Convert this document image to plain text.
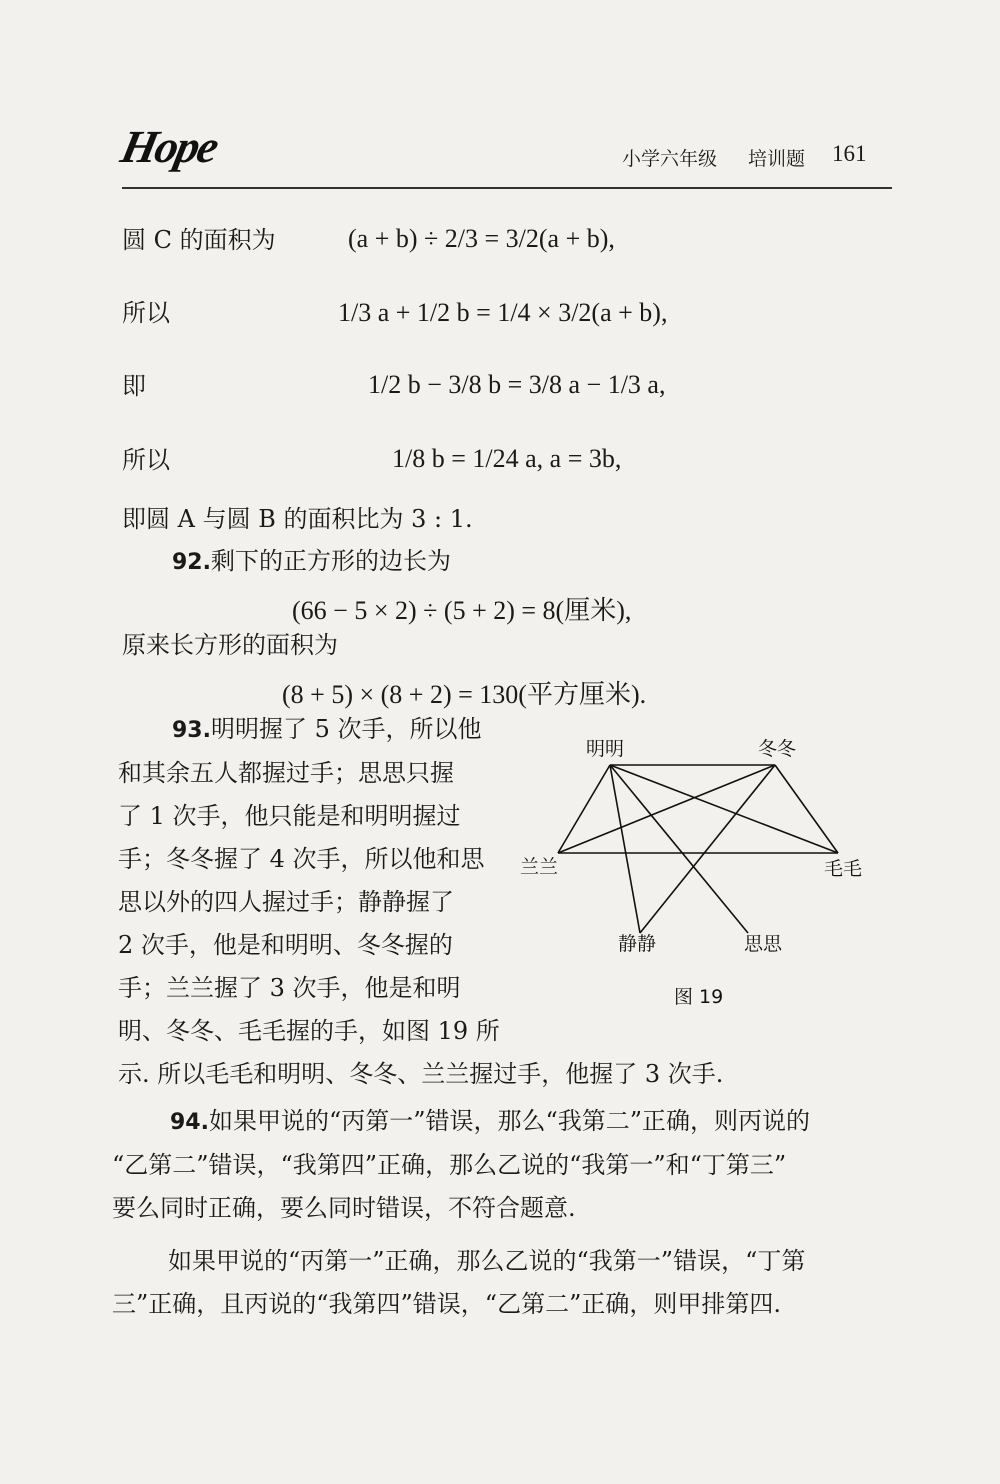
Hope	小学六年级 培训题 161
圆 C 的面积为	(a + b) ÷ 2/3 = 3/2(a + b),
所以	1/3 a + 1/2 b = 1/4 × 3/2(a + b),
即	1/2 b − 3/8 b = 3/8 a − 1/3 a,
所以	1/8 b = 1/24 a, a = 3b,
即圆 A 与圆 B 的面积比为 3 : 1.
92.剩下的正方形的边长为
(66 − 5 × 2) ÷ (5 + 2) = 8(厘米),
原来长方形的面积为
(8 + 5) × (8 + 2) = 130(平方厘米).
93.明明握了 5 次手，所以他
和其余五人都握过手；思思只握
了 1 次手，他只能是和明明握过
手；冬冬握了 4 次手，所以他和思
思以外的四人握过手；静静握了
2 次手，他是和明明、冬冬握的
手；兰兰握了 3 次手，他是和明
明、冬冬、毛毛握的手，如图 19 所
示. 所以毛毛和明明、冬冬、兰兰握过手，他握了 3 次手.
明明	冬冬
兰兰	毛毛
静静	思思
图 19
94.如果甲说的“丙第一”错误，那么“我第二”正确，则丙说的
“乙第二”错误，“我第四”正确，那么乙说的“我第一”和“丁第三”
要么同时正确，要么同时错误，不符合题意.
如果甲说的“丙第一”正确，那么乙说的“我第一”错误，“丁第
三”正确，且丙说的“我第四”错误，“乙第二”正确，则甲排第四.
